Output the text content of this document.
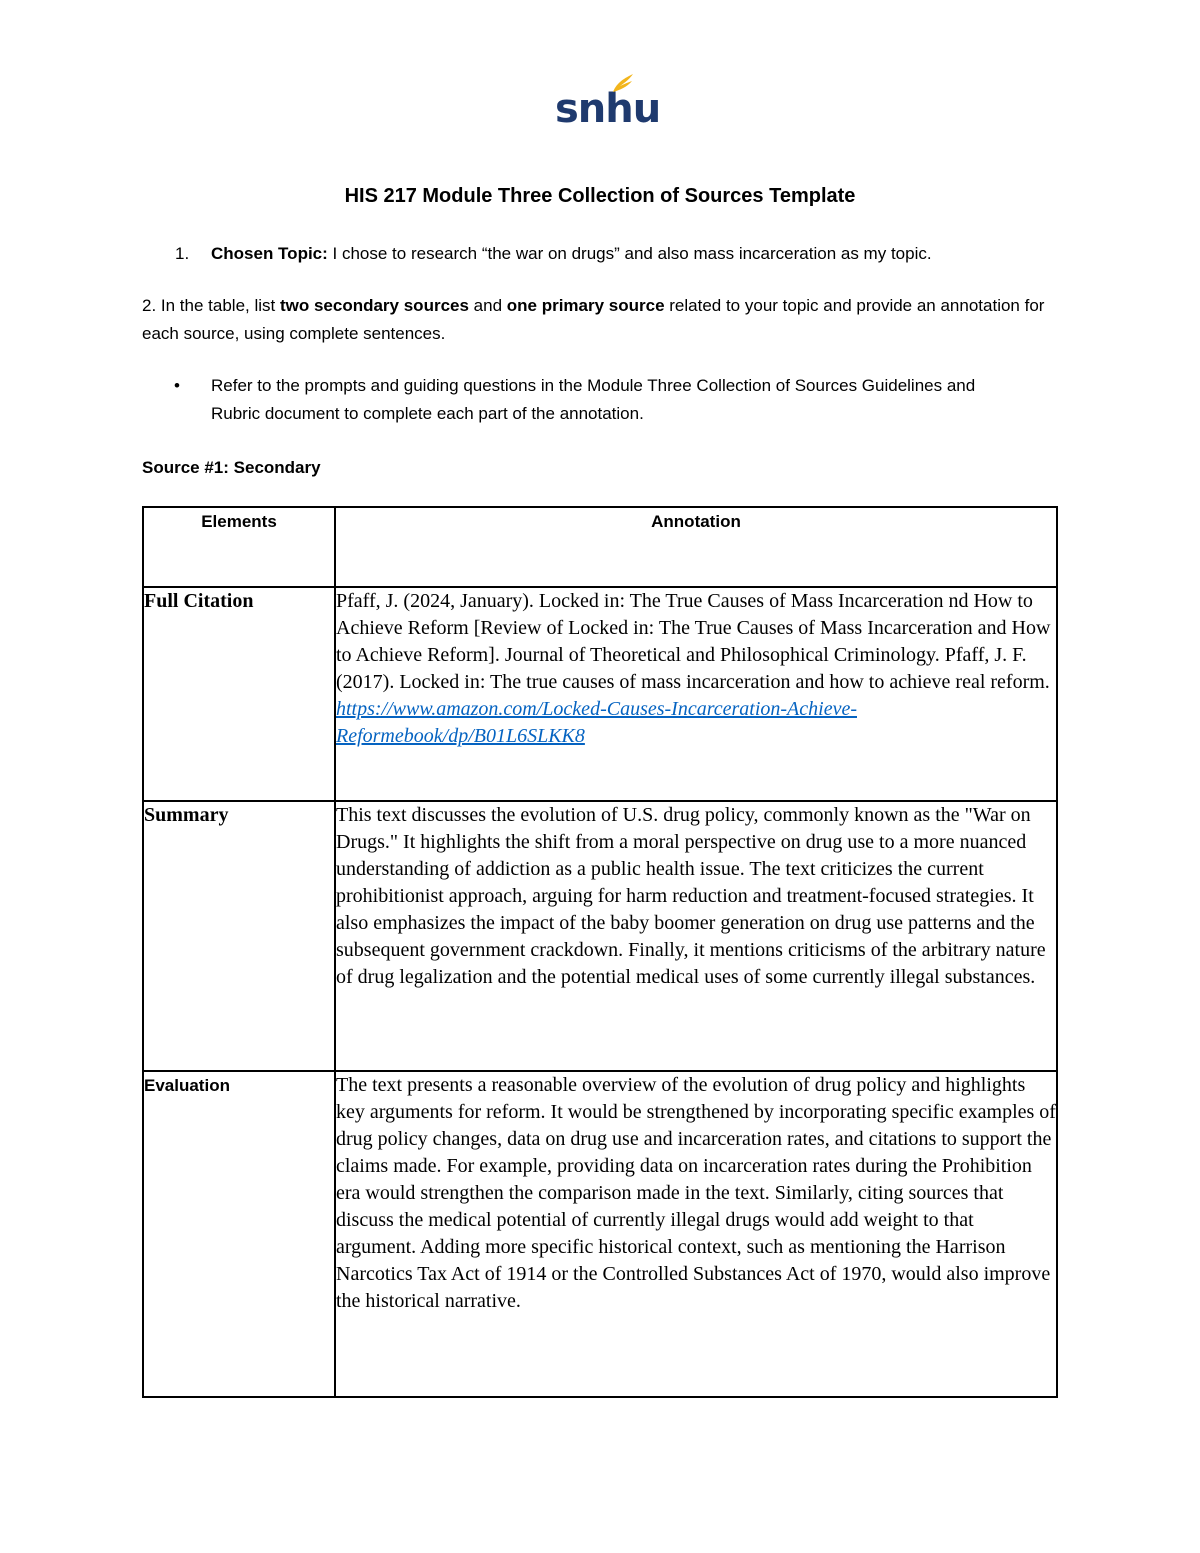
snhu
HIS 217 Module Three Collection of Sources Template
1. Chosen Topic: I chose to research “the war on drugs” and also mass incarceration as my topic.
2. In the table, list two secondary sources and one primary source related to your topic and provide an annotation for each source, using complete sentences.
• Refer to the prompts and guiding questions in the Module Three Collection of Sources Guidelines and Rubric document to complete each part of the annotation.
Source #1: Secondary
Elements	Annotation
Full Citation	Pfaff, J. (2024, January). Locked in: The True Causes of Mass Incarceration nd How to Achieve Reform [Review of Locked in: The True Causes of Mass Incarceration and How to Achieve Reform]. Journal of Theoretical and Philosophical Criminology. Pfaff, J. F. (2017). Locked in: The true causes of mass incarceration and how to achieve real reform.
https://www.amazon.com/Locked-Causes-Incarceration-Achieve-
Reformebook/dp/B01L6SLKK8
Summary	This text discusses the evolution of U.S. drug policy, commonly known as the "War on Drugs." It highlights the shift from a moral perspective on drug use to a more nuanced understanding of addiction as a public health issue. The text criticizes the current prohibitionist approach, arguing for harm reduction and treatment-focused strategies. It also emphasizes the impact of the baby boomer generation on drug use patterns and the subsequent government crackdown. Finally, it mentions criticisms of the arbitrary nature of drug legalization and the potential medical uses of some currently illegal substances.
Evaluation	The text presents a reasonable overview of the evolution of drug policy and highlights key arguments for reform. It would be strengthened by incorporating specific examples of drug policy changes, data on drug use and incarceration rates, and citations to support the claims made. For example, providing data on incarceration rates during the Prohibition era would strengthen the comparison made in the text. Similarly, citing sources that discuss the medical potential of currently illegal drugs would add weight to that argument. Adding more specific historical context, such as mentioning the Harrison Narcotics Tax Act of 1914 or the Controlled Substances Act of 1970, would also improve the historical narrative.
